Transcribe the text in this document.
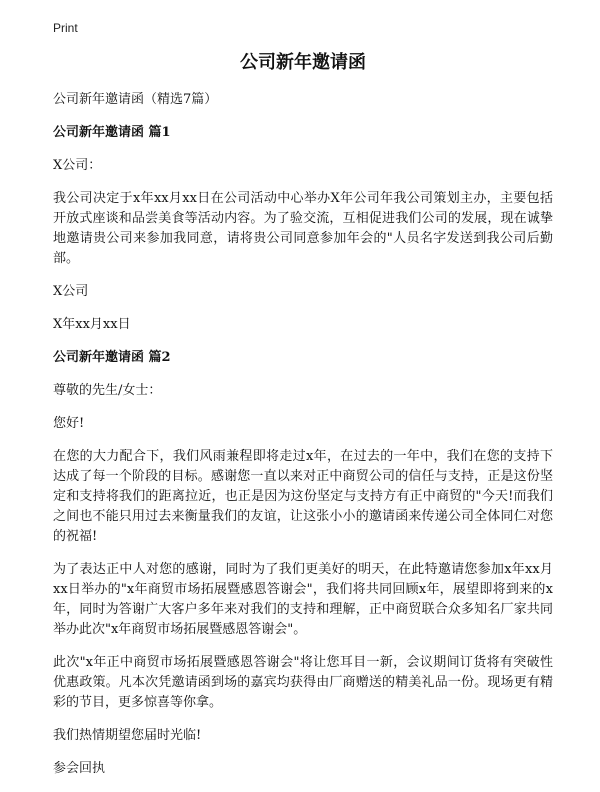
Print
公司新年邀请函

公司新年邀请函（精选7篇）

公司新年邀请函 篇1

X公司：

我公司决定于x年xx月xx日在公司活动中心举办X年公司年我公司策划主办，主要包括开放式座谈和品尝美食等活动内容。为了验交流，互相促进我们公司的发展，现在诚挚地邀请贵公司来参加我同意，请将贵公司同意参加年会的"人员名字发送到我公司后勤部。

X公司

X年xx月xx日

公司新年邀请函 篇2

尊敬的先生/女士：

您好!

在您的大力配合下，我们风雨兼程即将走过x年，在过去的一年中，我们在您的支持下达成了每一个阶段的目标。感谢您一直以来对正中商贸公司的信任与支持，正是这份坚定和支持将我们的距离拉近，也正是因为这份坚定与支持方有正中商贸的"今天!而我们之间也不能只用过去来衡量我们的友谊，让这张小小的邀请函来传递公司全体同仁对您的祝福!

为了表达正中人对您的感谢，同时为了我们更美好的明天，在此特邀请您参加x年xx月xx日举办的"x年商贸市场拓展暨感恩答谢会"，我们将共同回顾x年，展望即将到来的x年，同时为答谢广大客户多年来对我们的支持和理解，正中商贸联合众多知名厂家共同举办此次"x年商贸市场拓展暨感恩答谢会"。

此次"x年正中商贸市场拓展暨感恩答谢会"将让您耳目一新，会议期间订货将有突破性优惠政策。凡本次凭邀请函到场的嘉宾均获得由厂商赠送的精美礼品一份。现场更有精彩的节目，更多惊喜等你拿。

我们热情期望您届时光临!

参会回执
